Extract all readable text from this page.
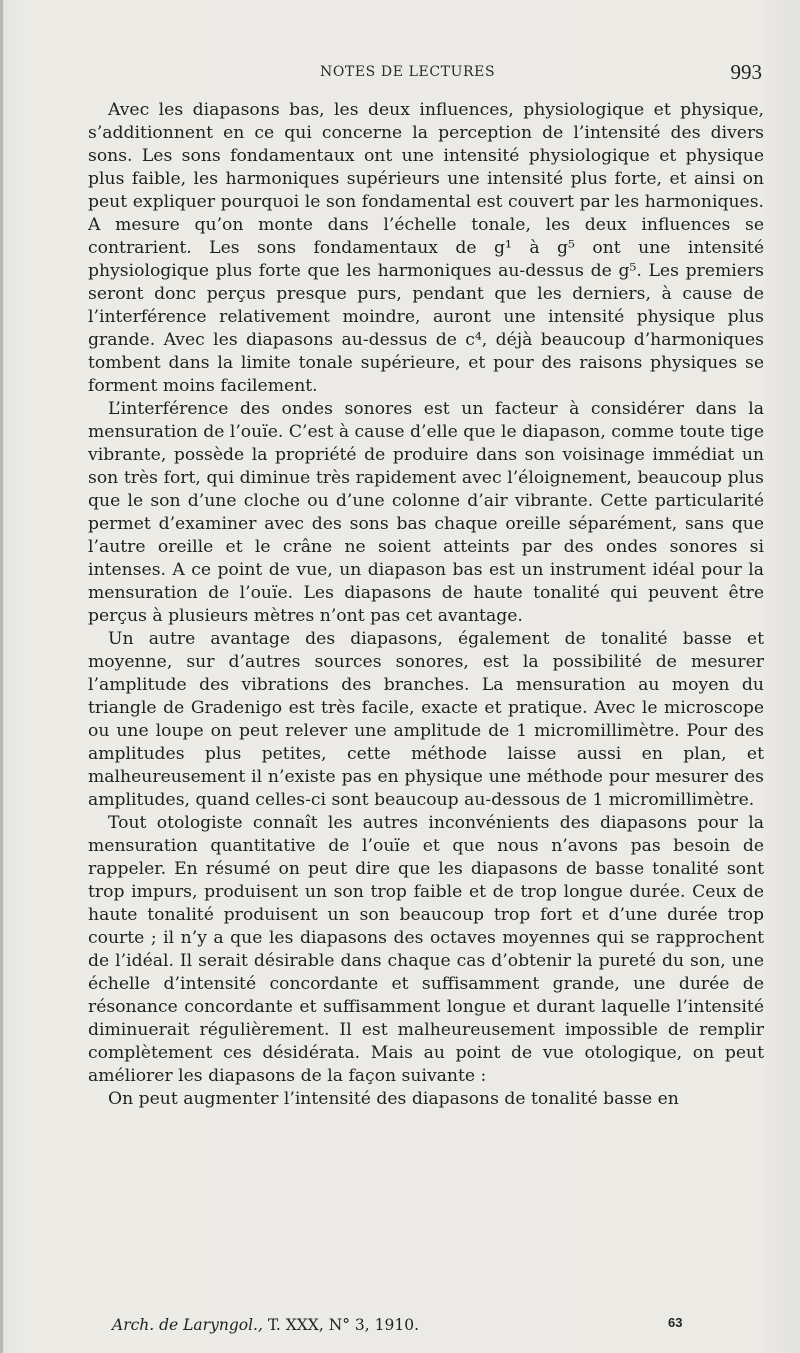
NOTES DE LECTURES	993

Avec les diapasons bas, les deux influences, physiologique et physique, s’additionnent en ce qui concerne la perception de l’intensité des divers sons. Les sons fondamentaux ont une intensité physiologique et physique plus faible, les harmoniques supérieurs une intensité plus forte, et ainsi on peut expliquer pourquoi le son fondamental est couvert par les harmoniques. A mesure qu’on monte dans l’échelle tonale, les deux influences se contrarient. Les sons fondamentaux de g¹ à g⁵ ont une intensité physiologique plus forte que les harmoniques au-dessus de g⁵. Les premiers seront donc perçus presque purs, pendant que les derniers, à cause de l’interférence relativement moindre, auront une intensité physique plus grande. Avec les diapasons au-dessus de c⁴, déjà beaucoup d’harmoniques tombent dans la limite tonale supérieure, et pour des raisons physiques se forment moins facilement.

L’interférence des ondes sonores est un facteur à considérer dans la mensuration de l’ouïe. C’est à cause d’elle que le diapason, comme toute tige vibrante, possède la propriété de produire dans son voisinage immédiat un son très fort, qui diminue très rapidement avec l’éloignement, beaucoup plus que le son d’une cloche ou d’une colonne d’air vibrante. Cette particularité permet d’examiner avec des sons bas chaque oreille séparément, sans que l’autre oreille et le crâne ne soient atteints par des ondes sonores si intenses. A ce point de vue, un diapason bas est un instrument idéal pour la mensuration de l’ouïe. Les diapasons de haute tonalité qui peuvent être perçus à plusieurs mètres n’ont pas cet avantage.

Un autre avantage des diapasons, également de tonalité basse et moyenne, sur d’autres sources sonores, est la possibilité de mesurer l’amplitude des vibrations des branches. La mensuration au moyen du triangle de Gradenigo est très facile, exacte et pratique. Avec le microscope ou une loupe on peut relever une amplitude de 1 micromillimètre. Pour des amplitudes plus petites, cette méthode laisse aussi en plan, et malheureusement il n’existe pas en physique une méthode pour mesurer des amplitudes, quand celles-ci sont beaucoup au-dessous de 1 micromillimètre.

Tout otologiste connaît les autres inconvénients des diapasons pour la mensuration quantitative de l’ouïe et que nous n’avons pas besoin de rappeler. En résumé on peut dire que les diapasons de basse tonalité sont trop impurs, produisent un son trop faible et de trop longue durée. Ceux de haute tonalité produisent un son beaucoup trop fort et d’une durée trop courte ; il n’y a que les diapasons des octaves moyennes qui se rapprochent de l’idéal. Il serait désirable dans chaque cas d’obtenir la pureté du son, une échelle d’intensité concordante et suffisamment grande, une durée de résonance concordante et suffisamment longue et durant laquelle l’intensité diminuerait régulièrement. Il est malheureusement impossible de remplir complètement ces désidérata. Mais au point de vue otologique, on peut améliorer les diapasons de la façon suivante :

On peut augmenter l’intensité des diapasons de tonalité basse en

Arch. de Laryngol., T. XXX, N° 3, 1910.	63
